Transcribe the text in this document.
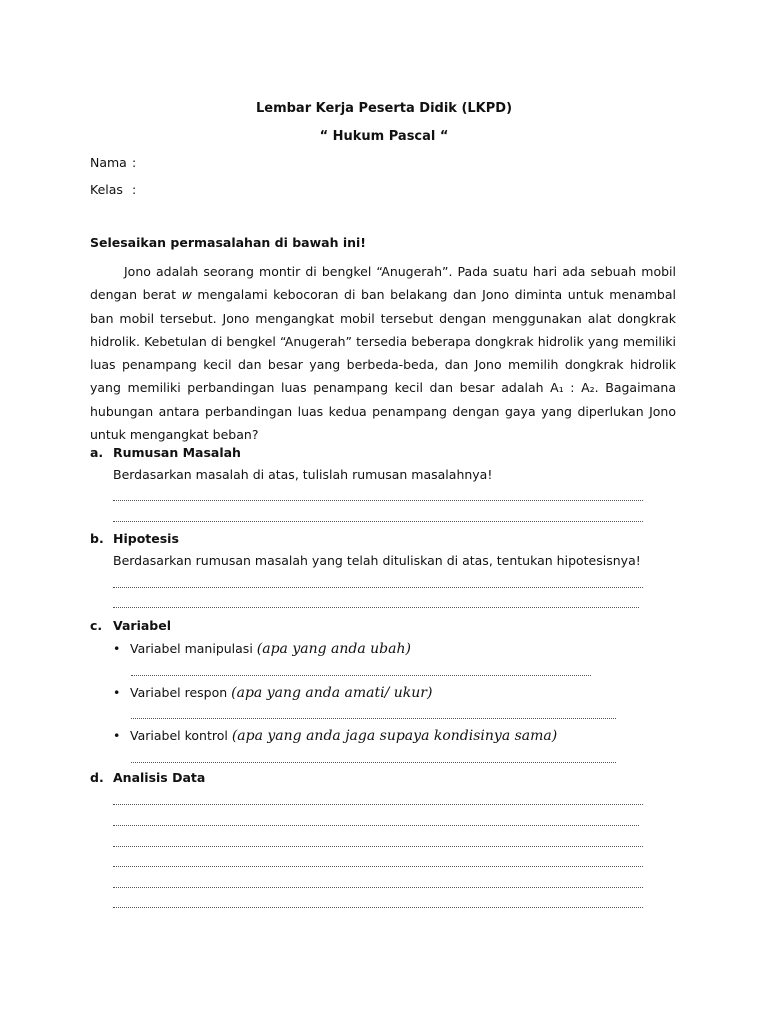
Lembar Kerja Peserta Didik (LKPD)
“ Hukum Pascal “
Nama :
Kelas :
Selesaikan permasalahan di bawah ini!

Jono adalah seorang montir di bengkel “Anugerah”. Pada suatu hari ada sebuah mobil dengan berat w mengalami kebocoran di ban belakang dan Jono diminta untuk menambal ban mobil tersebut. Jono mengangkat mobil tersebut dengan menggunakan alat dongkrak hidrolik. Kebetulan di bengkel “Anugerah” tersedia beberapa dongkrak hidrolik yang memiliki luas penampang kecil dan besar yang berbeda-beda, dan Jono memilih dongkrak hidrolik yang memiliki perbandingan luas penampang kecil dan besar adalah A₁ : A₂. Bagaimana hubungan antara perbandingan luas kedua penampang dengan gaya yang diperlukan Jono untuk mengangkat beban?

a. Rumusan Masalah
Berdasarkan masalah di atas, tulislah rumusan masalahnya!
b. Hipotesis
Berdasarkan rumusan masalah yang telah dituliskan di atas, tentukan hipotesisnya!
c. Variabel
• Variabel manipulasi (apa yang anda ubah)
• Variabel respon (apa yang anda amati/ ukur)
• Variabel kontrol (apa yang anda jaga supaya kondisinya sama)
d. Analisis Data
